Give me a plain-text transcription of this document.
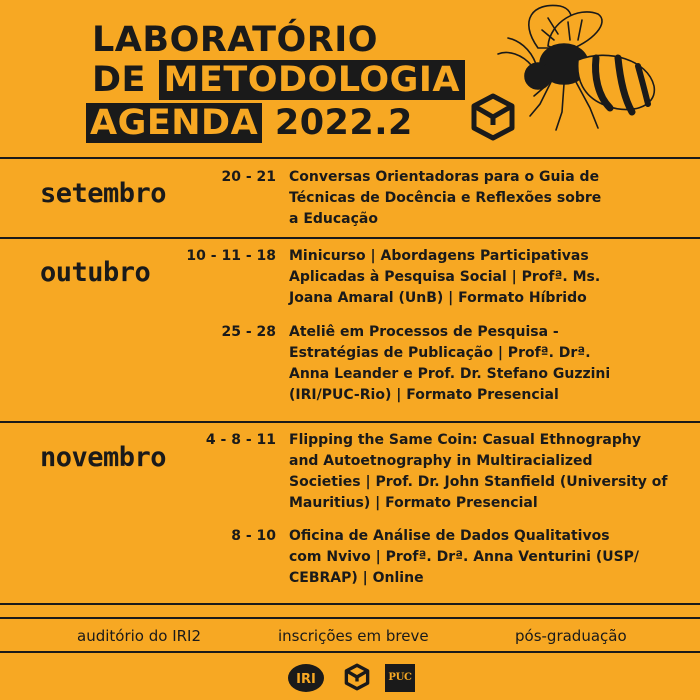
LABORATÓRIO
DE METODOLOGIA
AGENDA 2022.2
setembro
20 - 21 Conversas Orientadoras para o Guia de
Técnicas de Docência e Reflexões sobre
a Educação
outubro
10 - 11 - 18 Minicurso | Abordagens Participativas
Aplicadas à Pesquisa Social | Profª. Ms.
Joana Amaral (UnB) | Formato Híbrido
25 - 28 Ateliê em Processos de Pesquisa -
Estratégias de Publicação | Profª. Drª.
Anna Leander e Prof. Dr. Stefano Guzzini
(IRI/PUC-Rio) | Formato Presencial
novembro
4 - 8 - 11 Flipping the Same Coin: Casual Ethnography
and Autoetnography in Multiracialized
Societies | Prof. Dr. John Stanfield (University of
Mauritius) | Formato Presencial
8 - 10 Oficina de Análise de Dados Qualitativos
com Nvivo | Profª. Drª. Anna Venturini (USP/
CEBRAP) | Online
auditório do IRI2	inscrições em breve	pós-graduação
IRI	PUC
